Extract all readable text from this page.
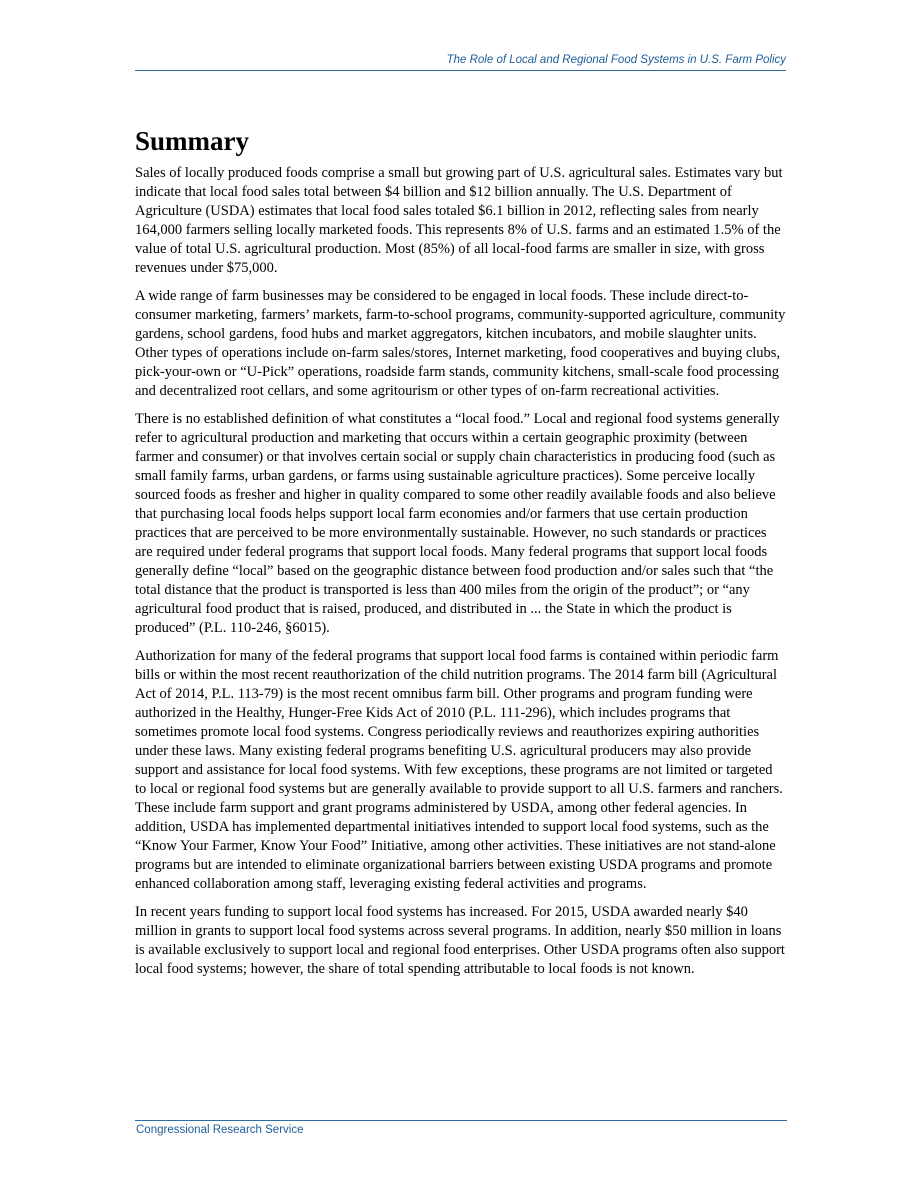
The Role of Local and Regional Food Systems in U.S. Farm Policy
Summary

Sales of locally produced foods comprise a small but growing part of U.S. agricultural sales. Estimates vary but indicate that local food sales total between $4 billion and $12 billion annually. The U.S. Department of Agriculture (USDA) estimates that local food sales totaled $6.1 billion in 2012, reflecting sales from nearly 164,000 farmers selling locally marketed foods. This represents 8% of U.S. farms and an estimated 1.5% of the value of total U.S. agricultural production. Most (85%) of all local-food farms are smaller in size, with gross revenues under $75,000.

A wide range of farm businesses may be considered to be engaged in local foods. These include direct-to-consumer marketing, farmers’ markets, farm-to-school programs, community-supported agriculture, community gardens, school gardens, food hubs and market aggregators, kitchen incubators, and mobile slaughter units. Other types of operations include on-farm sales/stores, Internet marketing, food cooperatives and buying clubs, pick-your-own or “U-Pick” operations, roadside farm stands, community kitchens, small-scale food processing and decentralized root cellars, and some agritourism or other types of on-farm recreational activities.

There is no established definition of what constitutes a “local food.” Local and regional food systems generally refer to agricultural production and marketing that occurs within a certain geographic proximity (between farmer and consumer) or that involves certain social or supply chain characteristics in producing food (such as small family farms, urban gardens, or farms using sustainable agriculture practices). Some perceive locally sourced foods as fresher and higher in quality compared to some other readily available foods and also believe that purchasing local foods helps support local farm economies and/or farmers that use certain production practices that are perceived to be more environmentally sustainable. However, no such standards or practices are required under federal programs that support local foods. Many federal programs that support local foods generally define “local” based on the geographic distance between food production and/or sales such that “the total distance that the product is transported is less than 400 miles from the origin of the product”; or “any agricultural food product that is raised, produced, and distributed in ... the State in which the product is produced” (P.L. 110-246, §6015).

Authorization for many of the federal programs that support local food farms is contained within periodic farm bills or within the most recent reauthorization of the child nutrition programs. The 2014 farm bill (Agricultural Act of 2014, P.L. 113-79) is the most recent omnibus farm bill. Other programs and program funding were authorized in the Healthy, Hunger-Free Kids Act of 2010 (P.L. 111-296), which includes programs that sometimes promote local food systems. Congress periodically reviews and reauthorizes expiring authorities under these laws. Many existing federal programs benefiting U.S. agricultural producers may also provide support and assistance for local food systems. With few exceptions, these programs are not limited or targeted to local or regional food systems but are generally available to provide support to all U.S. farmers and ranchers. These include farm support and grant programs administered by USDA, among other federal agencies. In addition, USDA has implemented departmental initiatives intended to support local food systems, such as the “Know Your Farmer, Know Your Food” Initiative, among other activities. These initiatives are not stand-alone programs but are intended to eliminate organizational barriers between existing USDA programs and promote enhanced collaboration among staff, leveraging existing federal activities and programs.

In recent years funding to support local food systems has increased. For 2015, USDA awarded nearly $40 million in grants to support local food systems across several programs. In addition, nearly $50 million in loans is available exclusively to support local and regional food enterprises. Other USDA programs often also support local food systems; however, the share of total spending attributable to local foods is not known.

Congressional Research Service
